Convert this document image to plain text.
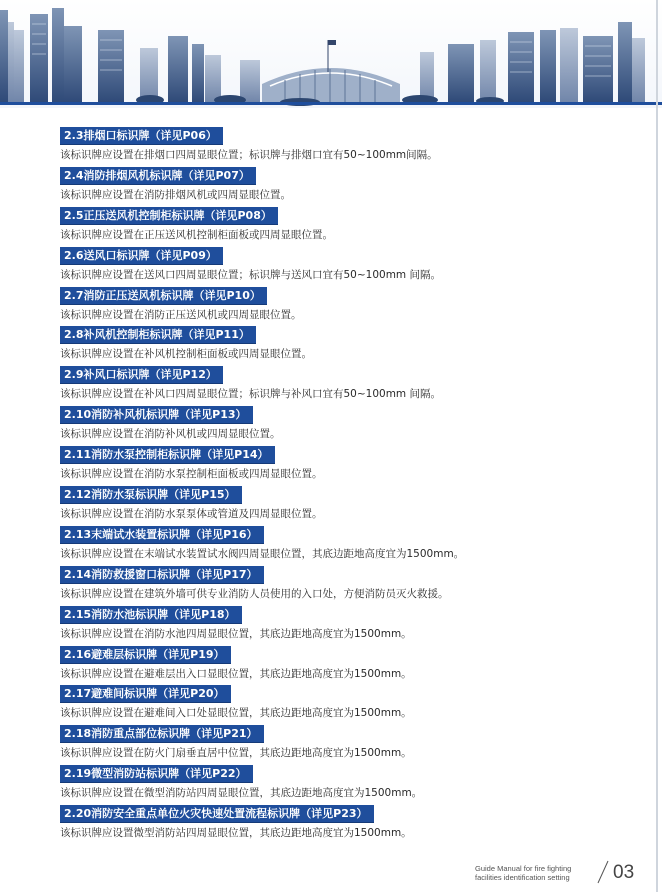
2.3排烟口标识牌（详见P06）
该标识牌应设置在排烟口四周显眼位置；标识牌与排烟口宜有50~100mm间隔。
2.4消防排烟风机标识牌（详见P07）
该标识牌应设置在消防排烟风机或四周显眼位置。
2.5正压送风机控制柜标识牌（详见P08）
该标识牌应设置在正压送风机控制柜面板或四周显眼位置。
2.6送风口标识牌（详见P09）
该标识牌应设置在送风口四周显眼位置；标识牌与送风口宜有50~100mm 间隔。
2.7消防正压送风机标识牌（详见P10）
该标识牌应设置在消防正压送风机或四周显眼位置。
2.8补风机控制柜标识牌（详见P11）
该标识牌应设置在补风机控制柜面板或四周显眼位置。
2.9补风口标识牌（详见P12）
该标识牌应设置在补风口四周显眼位置；标识牌与补风口宜有50~100mm 间隔。
2.10消防补风机标识牌（详见P13）
该标识牌应设置在消防补风机或四周显眼位置。
2.11消防水泵控制柜标识牌（详见P14）
该标识牌应设置在消防水泵控制柜面板或四周显眼位置。
2.12消防水泵标识牌（详见P15）
该标识牌应设置在消防水泵泵体或管道及四周显眼位置。
2.13末端试水装置标识牌（详见P16）
该标识牌应设置在末端试水装置试水阀四周显眼位置，其底边距地高度宜为1500mm。
2.14消防救援窗口标识牌（详见P17）
该标识牌应设置在建筑外墙可供专业消防人员使用的入口处，方便消防员灭火救援。
2.15消防水池标识牌（详见P18）
该标识牌应设置在消防水池四周显眼位置，其底边距地高度宜为1500mm。
2.16避难层标识牌（详见P19）
该标识牌应设置在避难层出入口显眼位置，其底边距地高度宜为1500mm。
2.17避难间标识牌（详见P20）
该标识牌应设置在避难间入口处显眼位置，其底边距地高度宜为1500mm。
2.18消防重点部位标识牌（详见P21）
该标识牌应设置在防火门扇垂直居中位置，其底边距地高度宜为1500mm。
2.19微型消防站标识牌（详见P22）
该标识牌应设置在微型消防站四周显眼位置，其底边距地高度宜为1500mm。
2.20消防安全重点单位火灾快速处置流程标识牌（详见P23）
该标识牌应设置微型消防站四周显眼位置，其底边距地高度宜为1500mm。
Guide Manual for fire fighting
facilities identification setting	03
